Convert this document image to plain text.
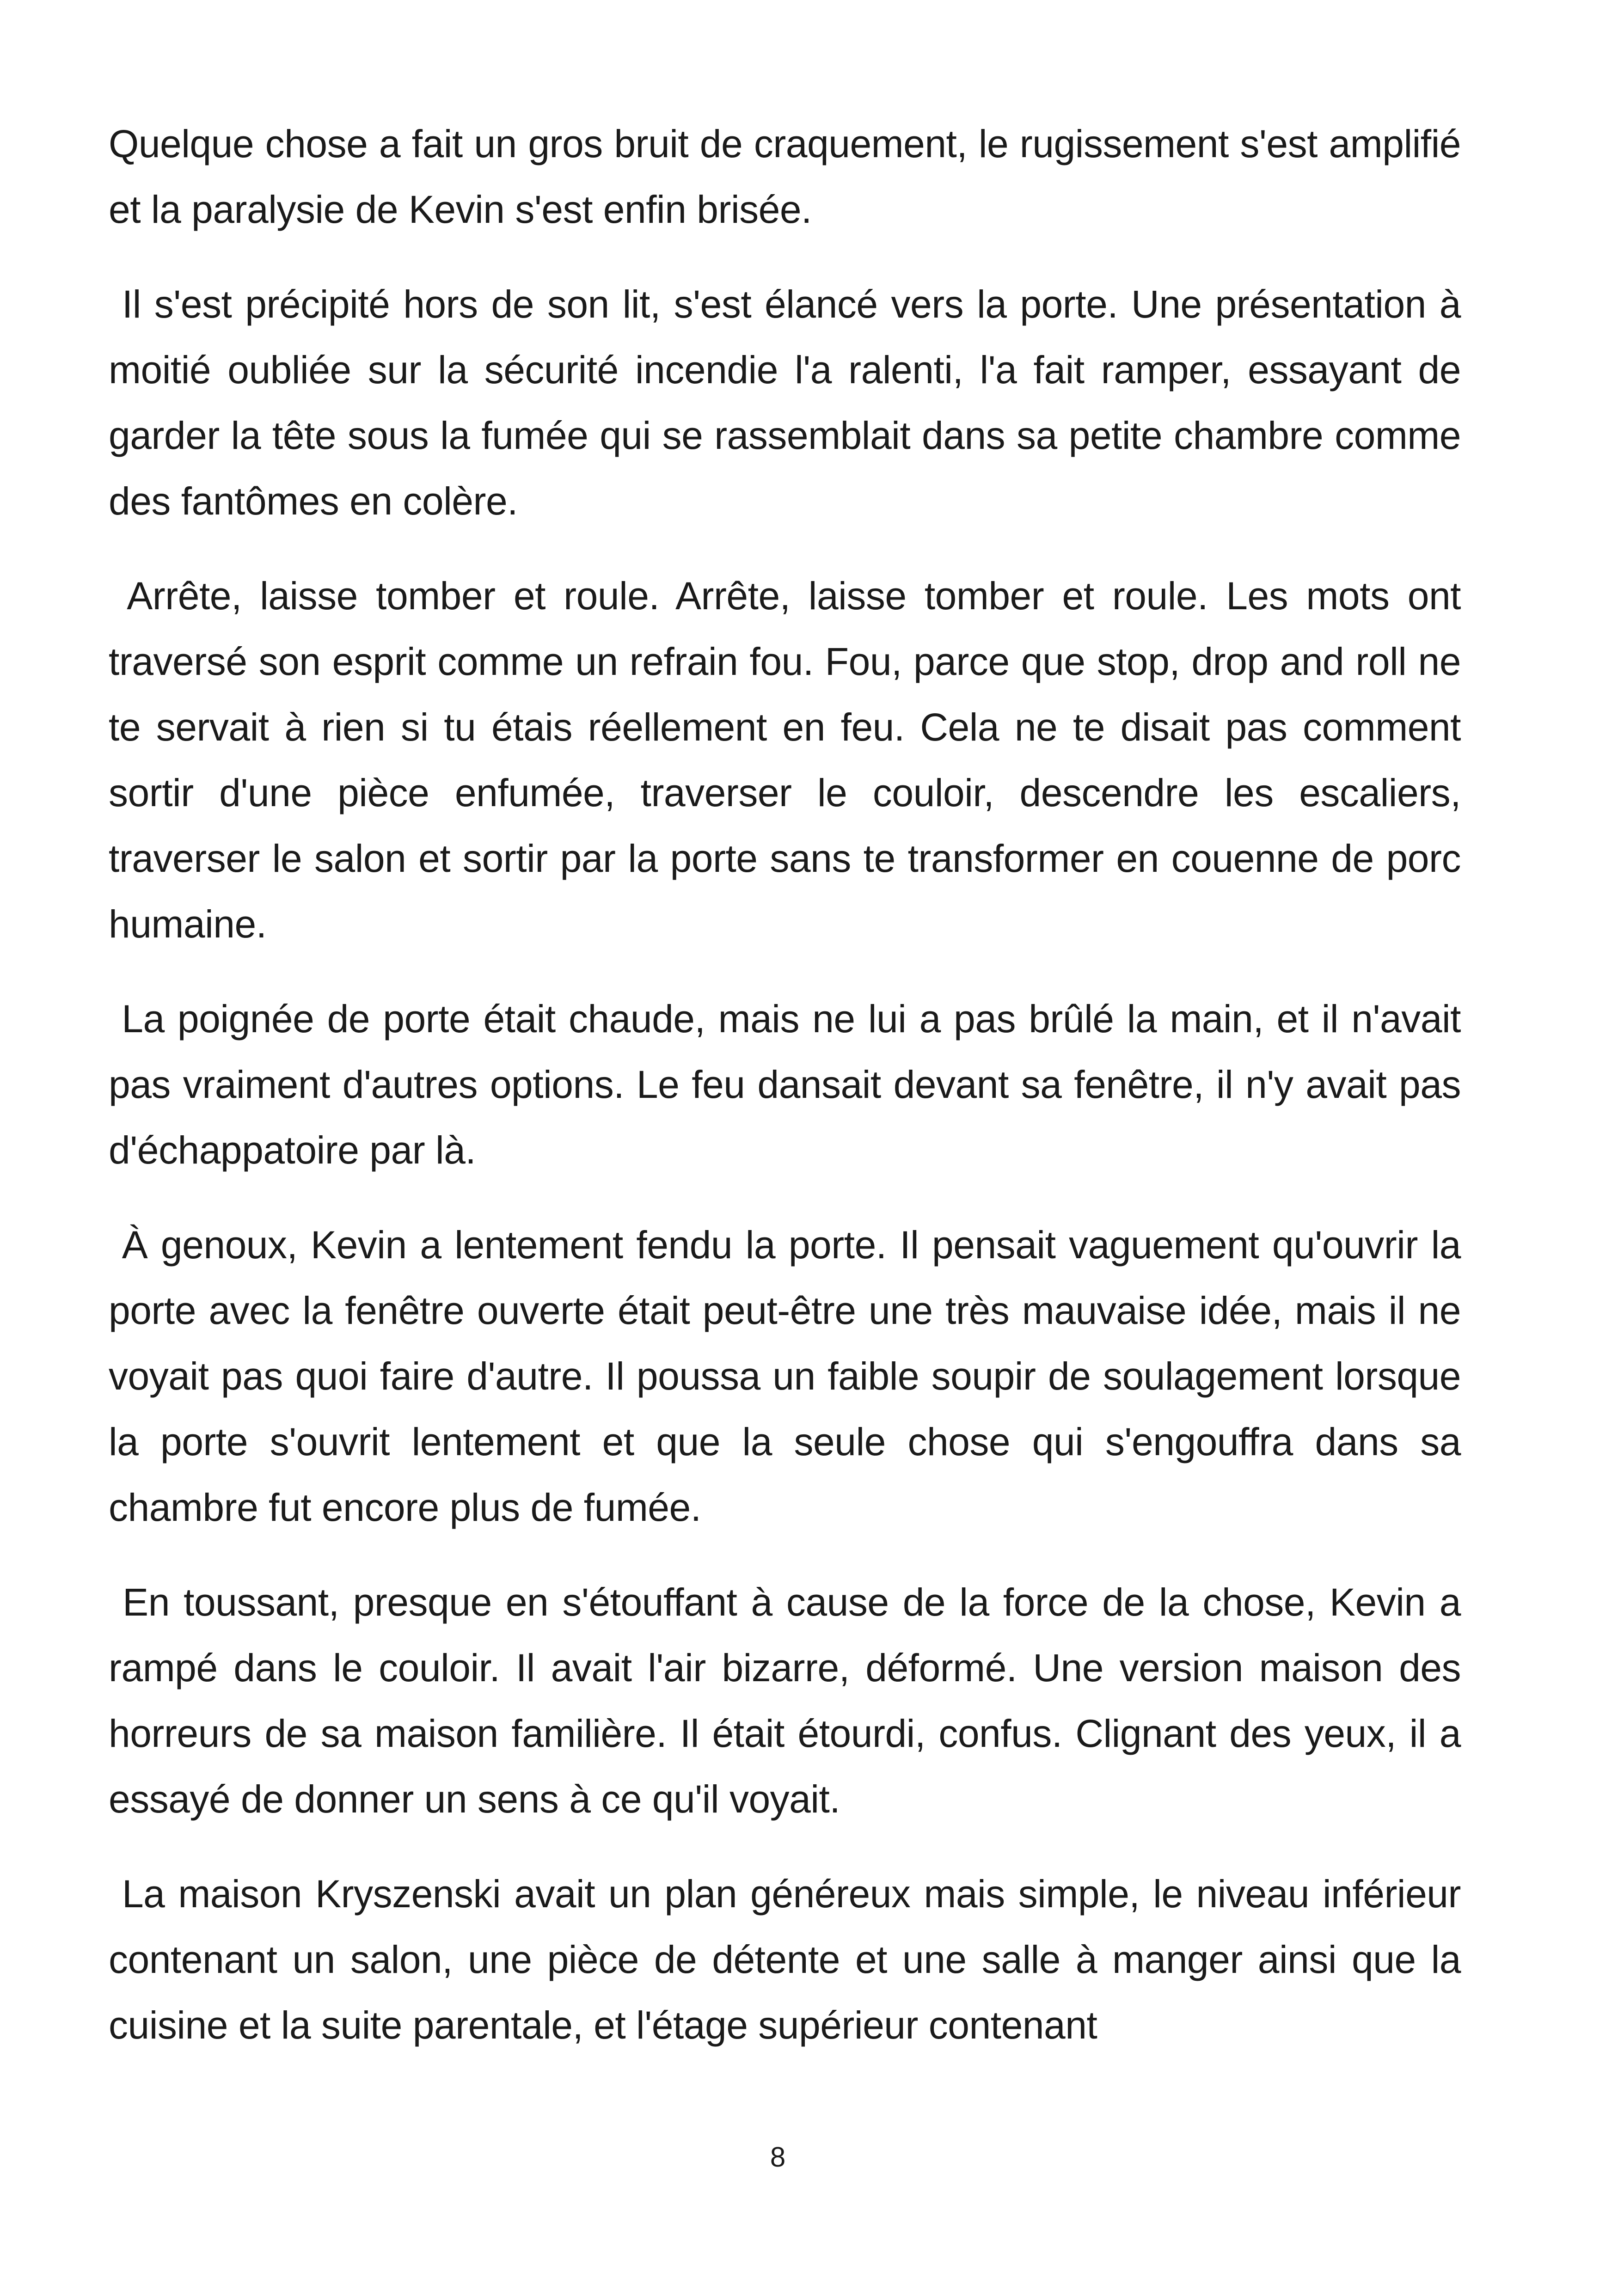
Quelque chose a fait un gros bruit de craquement, le rugissement s'est amplifié et la paralysie de Kevin s'est enfin brisée.

Il s'est précipité hors de son lit, s'est élancé vers la porte. Une présentation à moitié oubliée sur la sécurité incendie l'a ralenti, l'a fait ramper, essayant de garder la tête sous la fumée qui se rassemblait dans sa petite chambre comme des fantômes en colère.

Arrête, laisse tomber et roule. Arrête, laisse tomber et roule. Les mots ont traversé son esprit comme un refrain fou. Fou, parce que stop, drop and roll ne te servait à rien si tu étais réellement en feu. Cela ne te disait pas comment sortir d'une pièce enfumée, traverser le couloir, descendre les escaliers, traverser le salon et sortir par la porte sans te transformer en couenne de porc humaine.

La poignée de porte était chaude, mais ne lui a pas brûlé la main, et il n'avait pas vraiment d'autres options. Le feu dansait devant sa fenêtre, il n'y avait pas d'échappatoire par là.

À genoux, Kevin a lentement fendu la porte. Il pensait vaguement qu'ouvrir la porte avec la fenêtre ouverte était peut-être une très mauvaise idée, mais il ne voyait pas quoi faire d'autre. Il poussa un faible soupir de soulagement lorsque la porte s'ouvrit lentement et que la seule chose qui s'engouffra dans sa chambre fut encore plus de fumée.

En toussant, presque en s'étouffant à cause de la force de la chose, Kevin a rampé dans le couloir. Il avait l'air bizarre, déformé. Une version maison des horreurs de sa maison familière. Il était étourdi, confus. Clignant des yeux, il a essayé de donner un sens à ce qu'il voyait.

La maison Kryszenski avait un plan généreux mais simple, le niveau inférieur contenant un salon, une pièce de détente et une salle à manger ainsi que la cuisine et la suite parentale, et l'étage supérieur contenant

8
